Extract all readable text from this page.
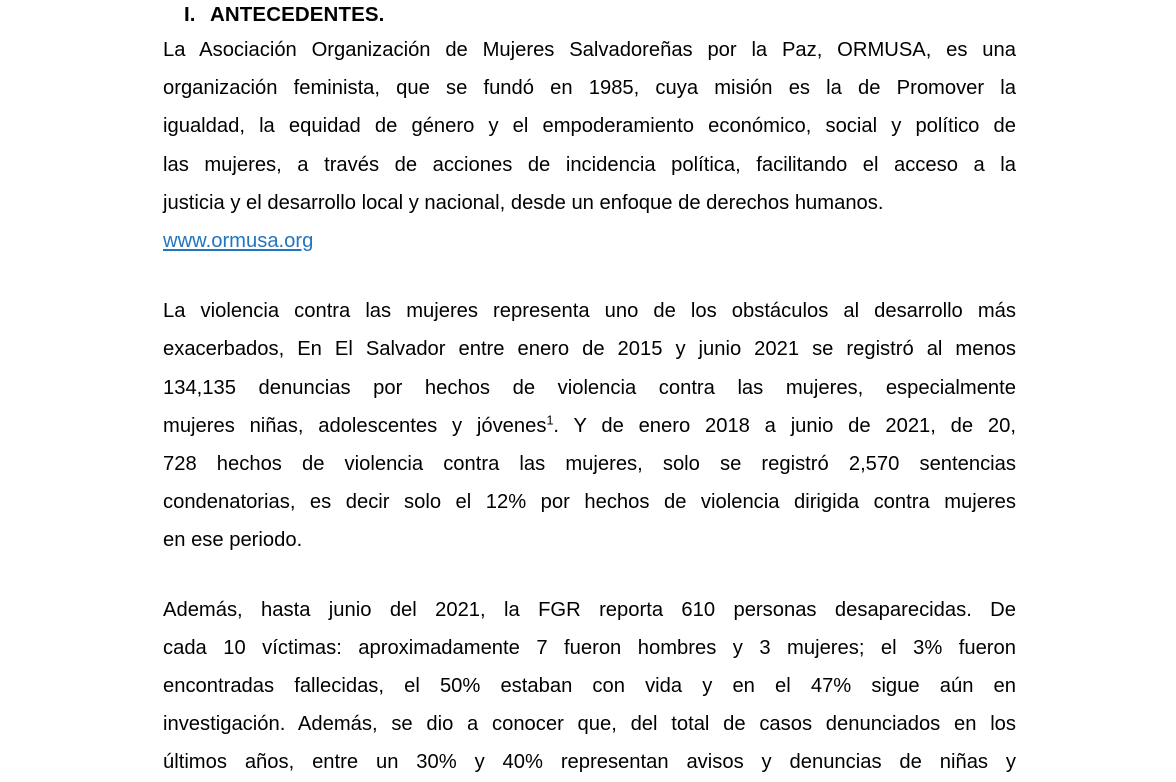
I. ANTECEDENTES.
La Asociación Organización de Mujeres Salvadoreñas por la Paz, ORMUSA, es una
organización feminista, que se fundó en 1985, cuya misión es la de Promover la
igualdad, la equidad de género y el empoderamiento económico, social y político de
las mujeres, a través de acciones de incidencia política, facilitando el acceso a la
justicia y el desarrollo local y nacional, desde un enfoque de derechos humanos.
www.ormusa.org
La violencia contra las mujeres representa uno de los obstáculos al desarrollo más
exacerbados, En El Salvador entre enero de 2015 y junio 2021 se registró al menos
134,135 denuncias por hechos de violencia contra las mujeres, especialmente
mujeres niñas, adolescentes y jóvenes$^1$. Y de enero 2018 a junio de 2021, de 20,
728 hechos de violencia contra las mujeres, solo se registró 2,570 sentencias
condenatorias, es decir solo el 12% por hechos de violencia dirigida contra mujeres
en ese periodo.
Además, hasta junio del 2021, la FGR reporta 610 personas desaparecidas. De
cada 10 víctimas: aproximadamente 7 fueron hombres y 3 mujeres; el 3% fueron
encontradas fallecidas, el 50% estaban con vida y en el 47% sigue aún en
investigación. Además, se dio a conocer que, del total de casos denunciados en los
últimos años, entre un 30% y 40% representan avisos y denuncias de niñas y
